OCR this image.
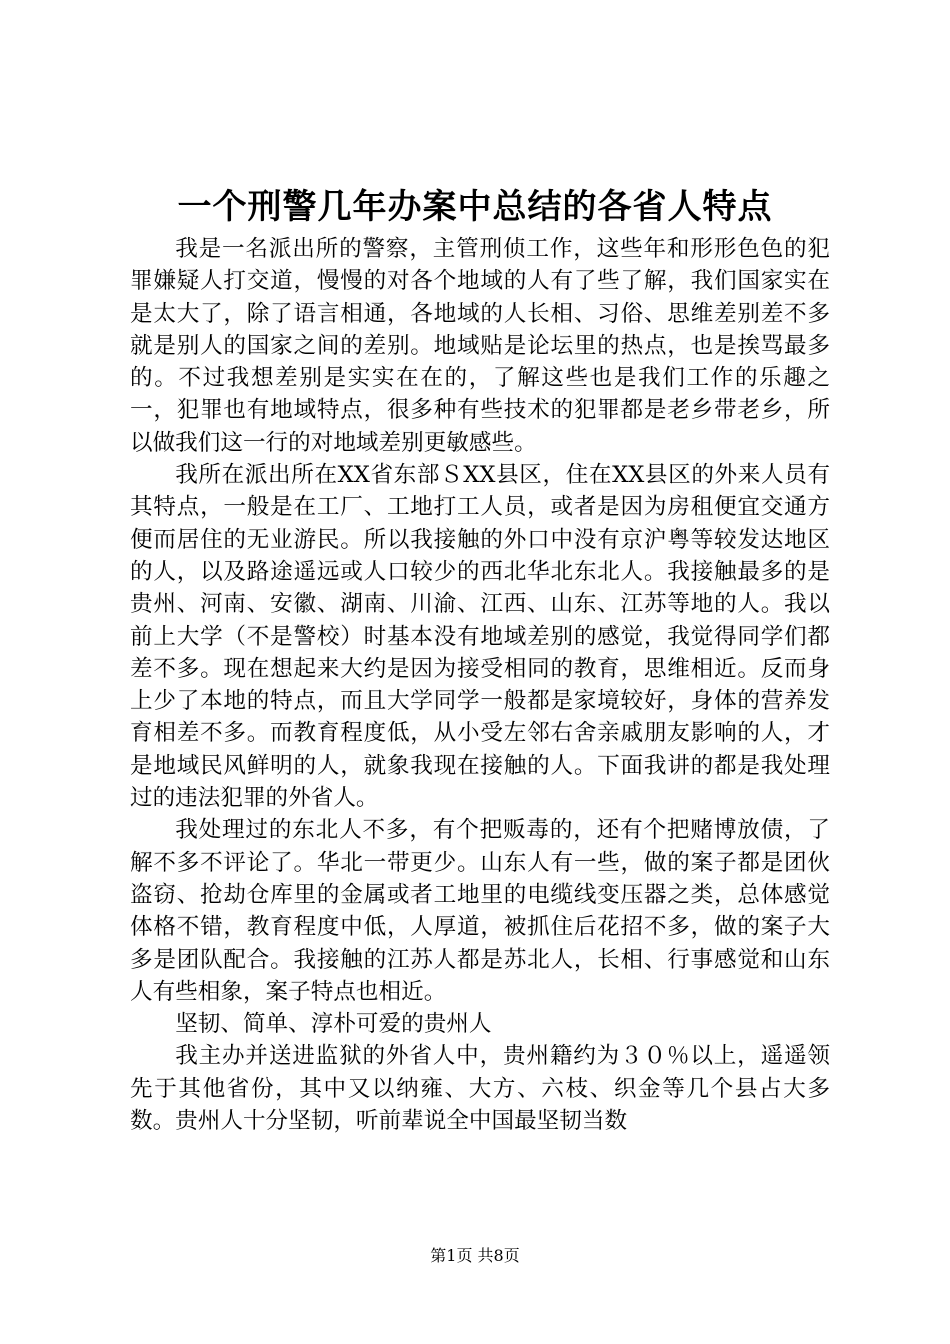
一个刑警几年办案中总结的各省人特点

我是一名派出所的警察，主管刑侦工作，这些年和形形色色的犯罪嫌疑人打交道，慢慢的对各个地域的人有了些了解，我们国家实在是太大了，除了语言相通，各地域的人长相、习俗、思维差别差不多就是别人的国家之间的差别。地域贴是论坛里的热点，也是挨骂最多的。不过我想差别是实实在在的，了解这些也是我们工作的乐趣之一，犯罪也有地域特点，很多种有些技术的犯罪都是老乡带老乡，所以做我们这一行的对地域差别更敏感些。

我所在派出所在XX省东部ＳXX县区，住在XX县区的外来人员有其特点，一般是在工厂、工地打工人员，或者是因为房租便宜交通方便而居住的无业游民。所以我接触的外口中没有京沪粤等较发达地区的人，以及路途遥远或人口较少的西北华北东北人。我接触最多的是贵州、河南、安徽、湖南、川渝、江西、山东、江苏等地的人。我以前上大学（不是警校）时基本没有地域差别的感觉，我觉得同学们都差不多。现在想起来大约是因为接受相同的教育，思维相近。反而身上少了本地的特点，而且大学同学一般都是家境较好，身体的营养发育相差不多。而教育程度低，从小受左邻右舍亲戚朋友影响的人，才是地域民风鲜明的人，就象我现在接触的人。下面我讲的都是我处理过的违法犯罪的外省人。

我处理过的东北人不多，有个把贩毒的，还有个把赌博放债，了解不多不评论了。华北一带更少。山东人有一些，做的案子都是团伙盗窃、抢劫仓库里的金属或者工地里的电缆线变压器之类，总体感觉体格不错，教育程度中低，人厚道，被抓住后花招不多，做的案子大多是团队配合。我接触的江苏人都是苏北人，长相、行事感觉和山东人有些相象，案子特点也相近。

坚韧、简单、淳朴可爱的贵州人

我主办并送进监狱的外省人中，贵州籍约为３０％以上，遥遥领先于其他省份，其中又以纳雍、大方、六枝、织金等几个县占大多数。贵州人十分坚韧，听前辈说全中国最坚韧当数

第1页 共8页
